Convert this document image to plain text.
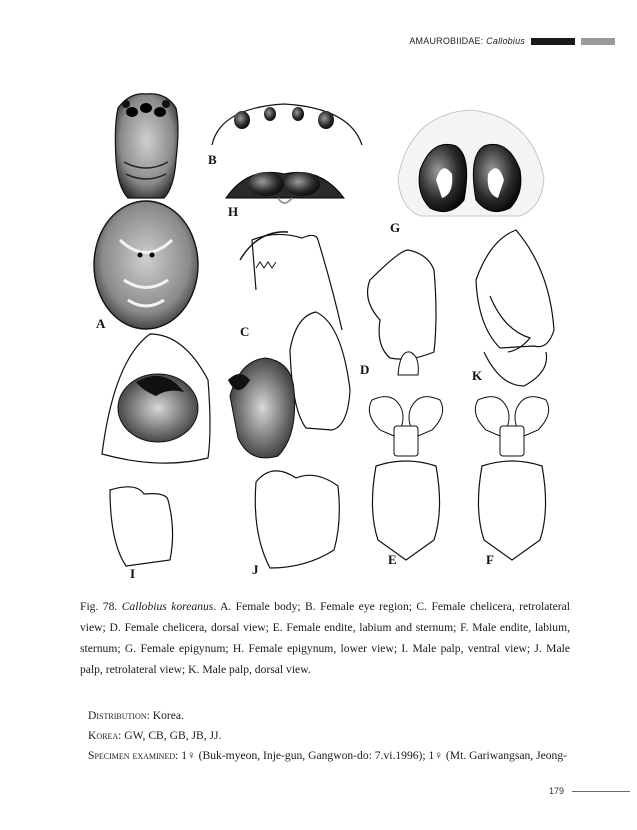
AMAUROBIIDAE: Callobius
A
B
C
D
E	F
G
H
I	J
K
Fig. 78. Callobius koreanus. A. Female body; B. Female eye region; C. Female chelicera, retrolateral view; D. Female chelicera, dorsal view; E. Female endite, labium and sternum; F. Male endite, labium, sternum; G. Female epigynum; H. Female epigynum, lower view; I. Male palp, ventral view; J. Male palp, retrolateral view; K. Male palp, dorsal view.
Distribution: Korea.
Korea: GW, CB, GB, JB, JJ.
Specimen examined: 1♀ (Buk-myeon, Inje-gun, Gangwon-do: 7.vi.1996); 1♀ (Mt. Gariwangsan, Jeong-
179
